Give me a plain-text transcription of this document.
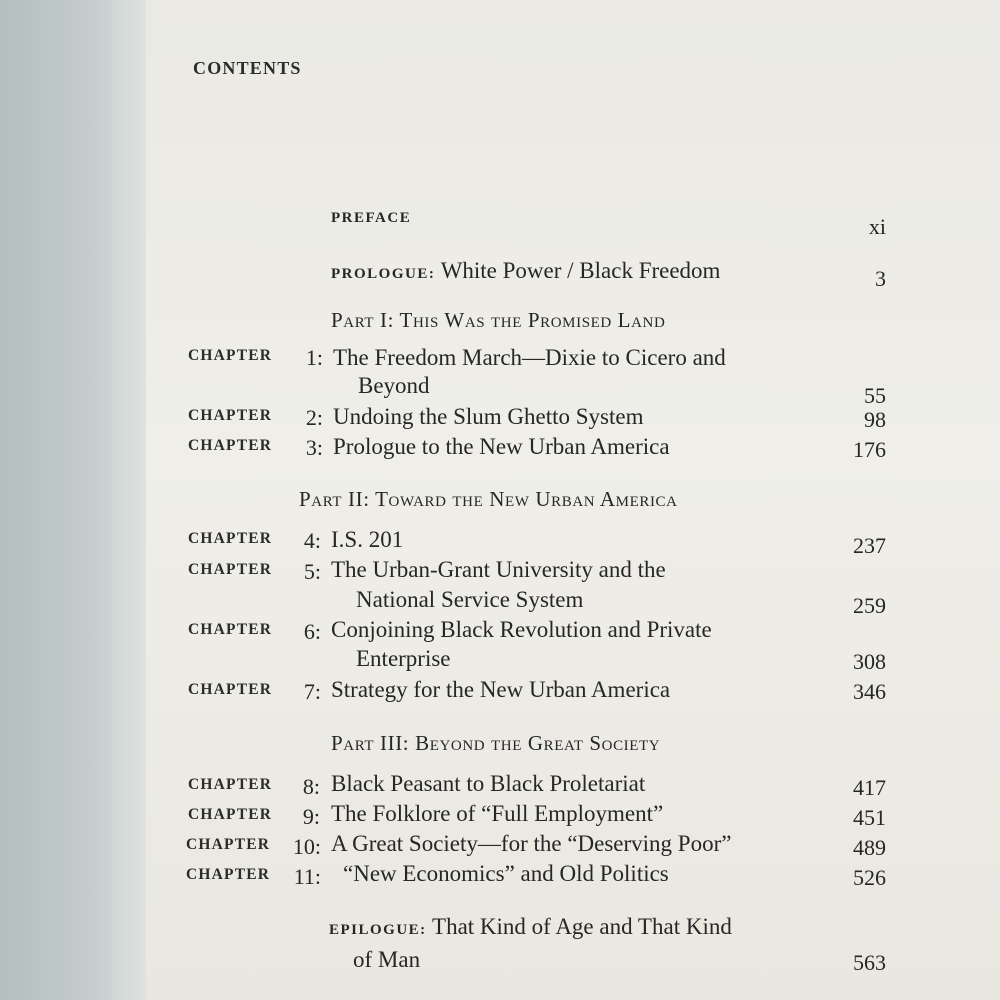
CONTENTS
PREFACE	xi
PROLOGUE: White Power / Black Freedom	3
Part I: This Was the Promised Land
CHAPTER	1: The Freedom March—Dixie to Cicero and
Beyond	55
CHAPTER	2: Undoing the Slum Ghetto System	98
CHAPTER	3: Prologue to the New Urban America	176
Part II: Toward the New Urban America
CHAPTER	4: I.S. 201	237
CHAPTER	5: The Urban-Grant University and the
National Service System	259
CHAPTER	6: Conjoining Black Revolution and Private
Enterprise	308
CHAPTER	7: Strategy for the New Urban America	346
Part III: Beyond the Great Society
CHAPTER	8: Black Peasant to Black Proletariat	417
CHAPTER	9: The Folklore of “Full Employment”	451
CHAPTER	10: A Great Society—for the “Deserving Poor”	489
CHAPTER	11: “New Economics” and Old Politics	526
EPILOGUE: That Kind of Age and That Kind
of Man	563
